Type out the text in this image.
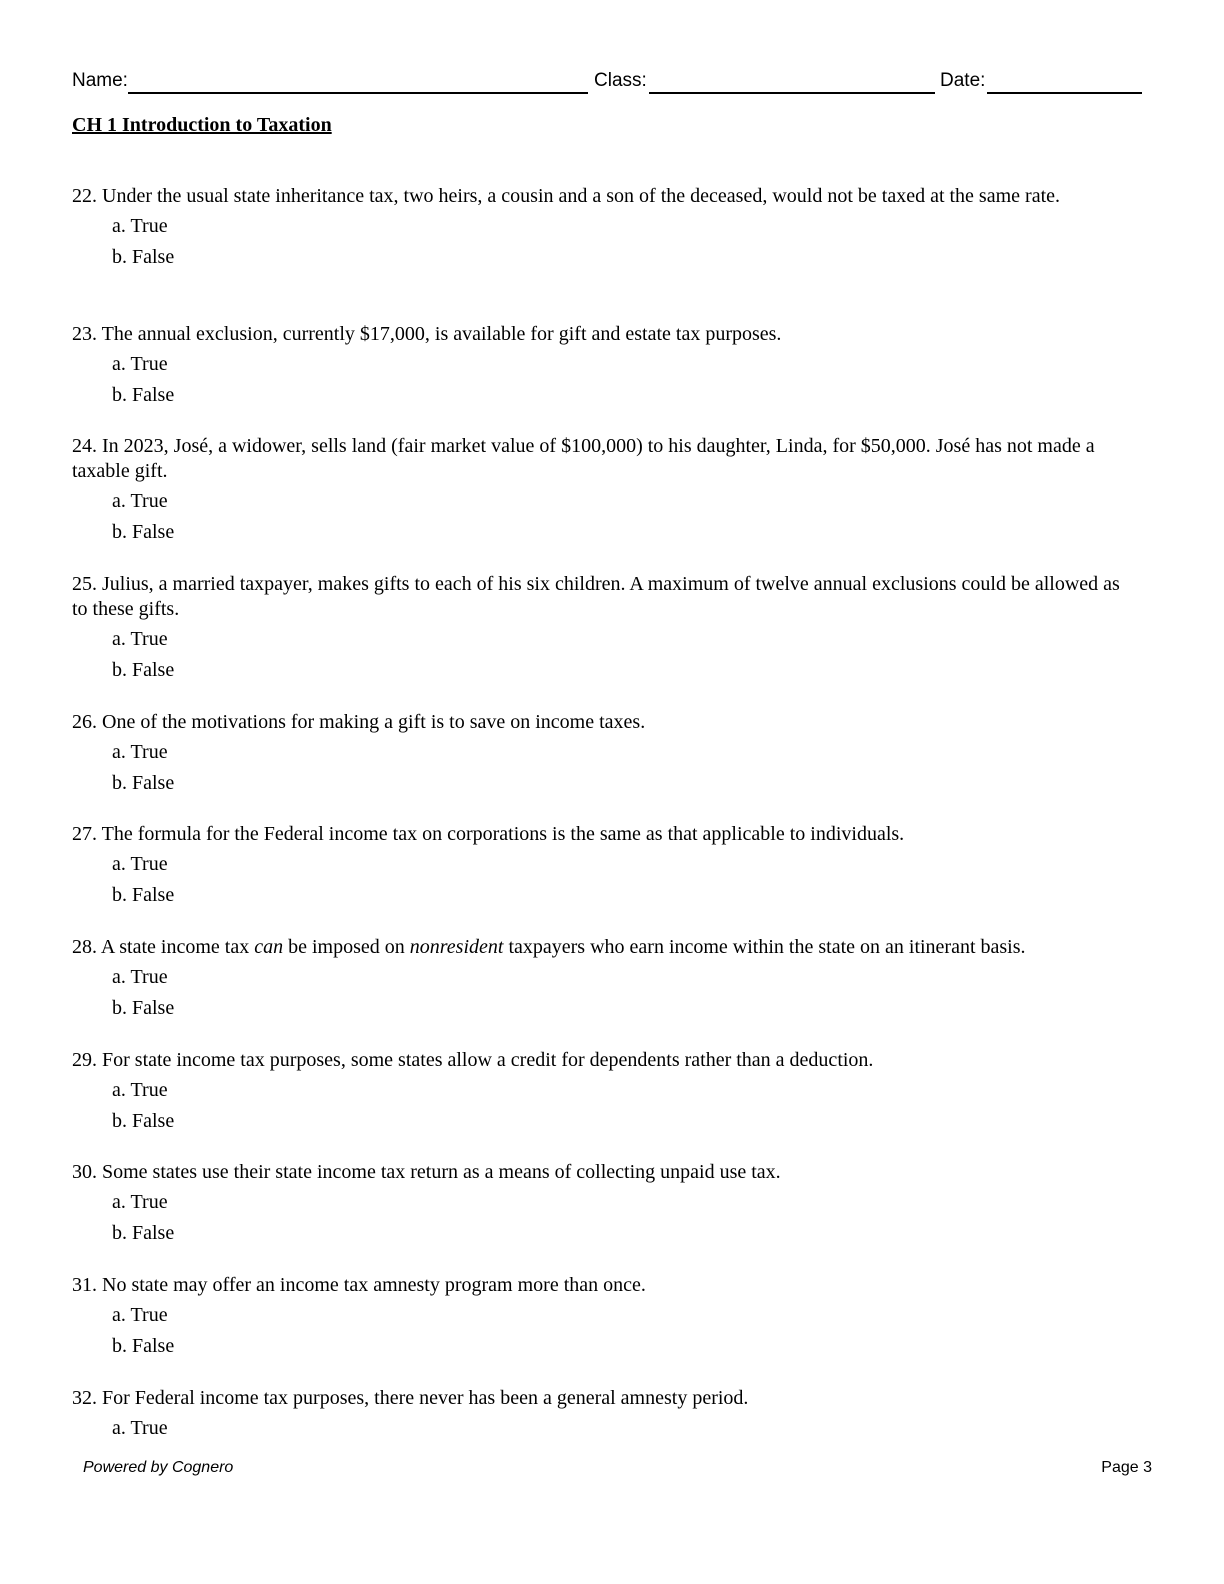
Name:	Class:	Date:
CH 1 Introduction to Taxation

22. Under the usual state inheritance tax, two heirs, a cousin and a son of the deceased, would not be taxed at the same rate.

a. True
b. False

23. The annual exclusion, currently $17,000, is available for gift and estate tax purposes.

a. True
b. False

24. In 2023, José, a widower, sells land (fair market value of $100,000) to his daughter, Linda, for $50,000. José has not made a taxable gift.

a. True
b. False

25. Julius, a married taxpayer, makes gifts to each of his six children. A maximum of twelve annual exclusions could be allowed as to these gifts.

a. True
b. False

26. One of the motivations for making a gift is to save on income taxes.

a. True
b. False

27. The formula for the Federal income tax on corporations is the same as that applicable to individuals.

a. True
b. False

28. A state income tax can be imposed on nonresident taxpayers who earn income within the state on an itinerant basis.

a. True
b. False

29. For state income tax purposes, some states allow a credit for dependents rather than a deduction.

a. True
b. False

30. Some states use their state income tax return as a means of collecting unpaid use tax.

a. True
b. False

31. No state may offer an income tax amnesty program more than once.

a. True
b. False

32. For Federal income tax purposes, there never has been a general amnesty period.

a. True
Powered by Cognero	Page 3
